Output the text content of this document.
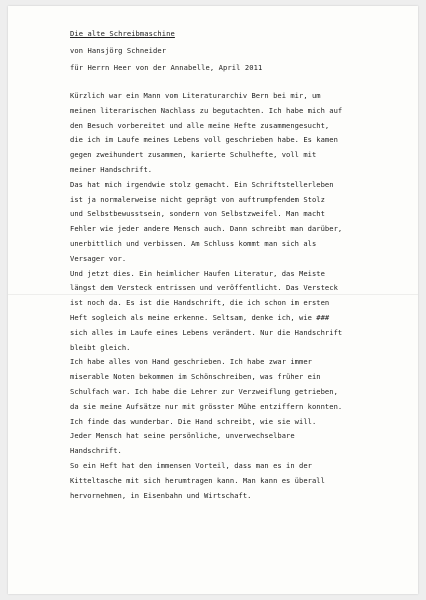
Die alte Schreibmaschine
von Hansjörg Schneider
für Herrn Heer von der Annabelle, April 2011

Kürzlich war ein Mann vom Literaturarchiv Bern bei mir, um
meinen literarischen Nachlass zu begutachten. Ich habe mich auf
den Besuch vorbereitet und alle meine Hefte zusammengesucht,
die ich im Laufe meines Lebens voll geschrieben habe. Es kamen
gegen zweihundert zusammen, karierte Schulhefte, voll mit
meiner Handschrift.

Das hat mich irgendwie stolz gemacht. Ein Schriftstellerleben
ist ja normalerweise nicht geprägt von auftrumpfendem Stolz
und Selbstbewusstsein, sondern von Selbstzweifel. Man macht
Fehler wie jeder andere Mensch auch. Dann schreibt man darüber,
unerbittlich und verbissen. Am Schluss kommt man sich als
Versager vor.

Und jetzt dies. Ein heimlicher Haufen Literatur, das Meiste
längst dem Versteck entrissen und veröffentlicht. Das Versteck
ist noch da. Es ist die Handschrift, die ich schon im ersten
Heft sogleich als meine erkenne. Seltsam, denke ich, wie ###
sich alles im Laufe eines Lebens verändert. Nur die Handschrift
bleibt gleich.

Ich habe alles von Hand geschrieben. Ich habe zwar immer
miserable Noten bekommen im Schönschreiben, was früher ein
Schulfach war. Ich habe die Lehrer zur Verzweiflung getrieben,
da sie meine Aufsätze nur mit grösster Mühe entziffern konnten.
Ich finde das wunderbar. Die Hand schreibt, wie sie will.
Jeder Mensch hat seine persönliche, unverwechselbare
Handschrift.

So ein Heft hat den immensen Vorteil, dass man es in der
Kitteltasche mit sich herumtragen kann. Man kann es überall
hervornehmen, in Eisenbahn und Wirtschaft.
